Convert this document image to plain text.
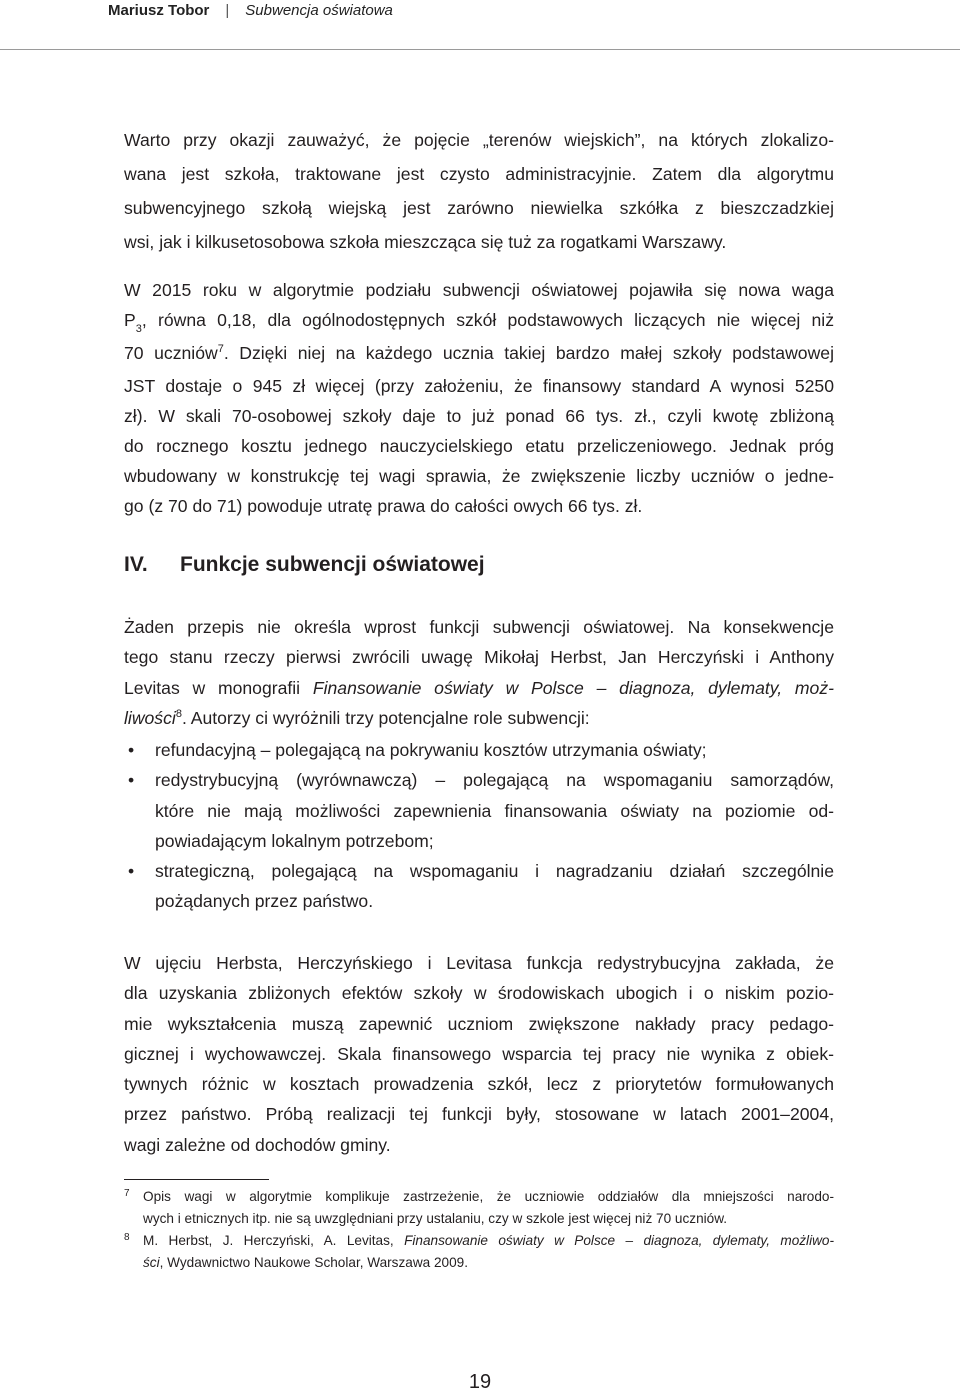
Mariusz Tobor | Subwencja oświatowa

Warto przy okazji zauważyć, że pojęcie „terenów wiejskich”, na których zlokalizo-
wana jest szkoła, traktowane jest czysto administracyjnie. Zatem dla algorytmu
subwencyjnego szkołą wiejską jest zarówno niewielka szkółka z bieszczadzkiej
wsi, jak i kilkusetosobowa szkoła mieszcząca się tuż za rogatkami Warszawy.

W 2015 roku w algorytmie podziału subwencji oświatowej pojawiła się nowa waga
$P_3$, równa 0,18, dla ogólnodostępnych szkół podstawowych liczących nie więcej niż
70 uczniów$^7$. Dzięki niej na każdego ucznia takiej bardzo małej szkoły podstawowej
JST dostaje o 945 zł więcej (przy założeniu, że finansowy standard A wynosi 5250
zł). W skali 70-osobowej szkoły daje to już ponad 66 tys. zł., czyli kwotę zbliżoną
do rocznego kosztu jednego nauczycielskiego etatu przeliczeniowego. Jednak próg
wbudowany w konstrukcję tej wagi sprawia, że zwiększenie liczby uczniów o jedne-
go (z 70 do 71) powoduje utratę prawa do całości owych 66 tys. zł.

IV. Funkcje subwencji oświatowej

Żaden przepis nie określa wprost funkcji subwencji oświatowej. Na konsekwencje
tego stanu rzeczy pierwsi zwrócili uwagę Mikołaj Herbst, Jan Herczyński i Anthony
Levitas w monografii Finansowanie oświaty w Polsce – diagnoza, dylematy, moż-
liwości$^8$. Autorzy ci wyróżnili trzy potencjalne role subwencji:

• refundacyjną – polegającą na pokrywaniu kosztów utrzymania oświaty;
• redystrybucyjną (wyrównawczą) – polegającą na wspomaganiu samorządów,
które nie mają możliwości zapewnienia finansowania oświaty na poziomie od-
powiadającym lokalnym potrzebom;
• strategiczną, polegającą na wspomaganiu i nagradzaniu działań szczególnie
pożądanych przez państwo.

W ujęciu Herbsta, Herczyńskiego i Levitasa funkcja redystrybucyjna zakłada, że
dla uzyskania zbliżonych efektów szkoły w środowiskach ubogich i o niskim pozio-
mie wykształcenia muszą zapewnić uczniom zwiększone nakłady pracy pedago-
gicznej i wychowawczej. Skala finansowego wsparcia tej pracy nie wynika z obiek-
tywnych różnic w kosztach prowadzenia szkół, lecz z priorytetów formułowanych
przez państwo. Próbą realizacji tej funkcji były, stosowane w latach 2001–2004,
wagi zależne od dochodów gminy.

7 Opis wagi w algorytmie komplikuje zastrzeżenie, że uczniowie oddziałów dla mniejszości narodo-
wych i etnicznych itp. nie są uwzględniani przy ustalaniu, czy w szkole jest więcej niż 70 uczniów.
8 M. Herbst, J. Herczyński, A. Levitas, Finansowanie oświaty w Polsce – diagnoza, dylematy, możliwo-
ści, Wydawnictwo Naukowe Scholar, Warszawa 2009.
19
